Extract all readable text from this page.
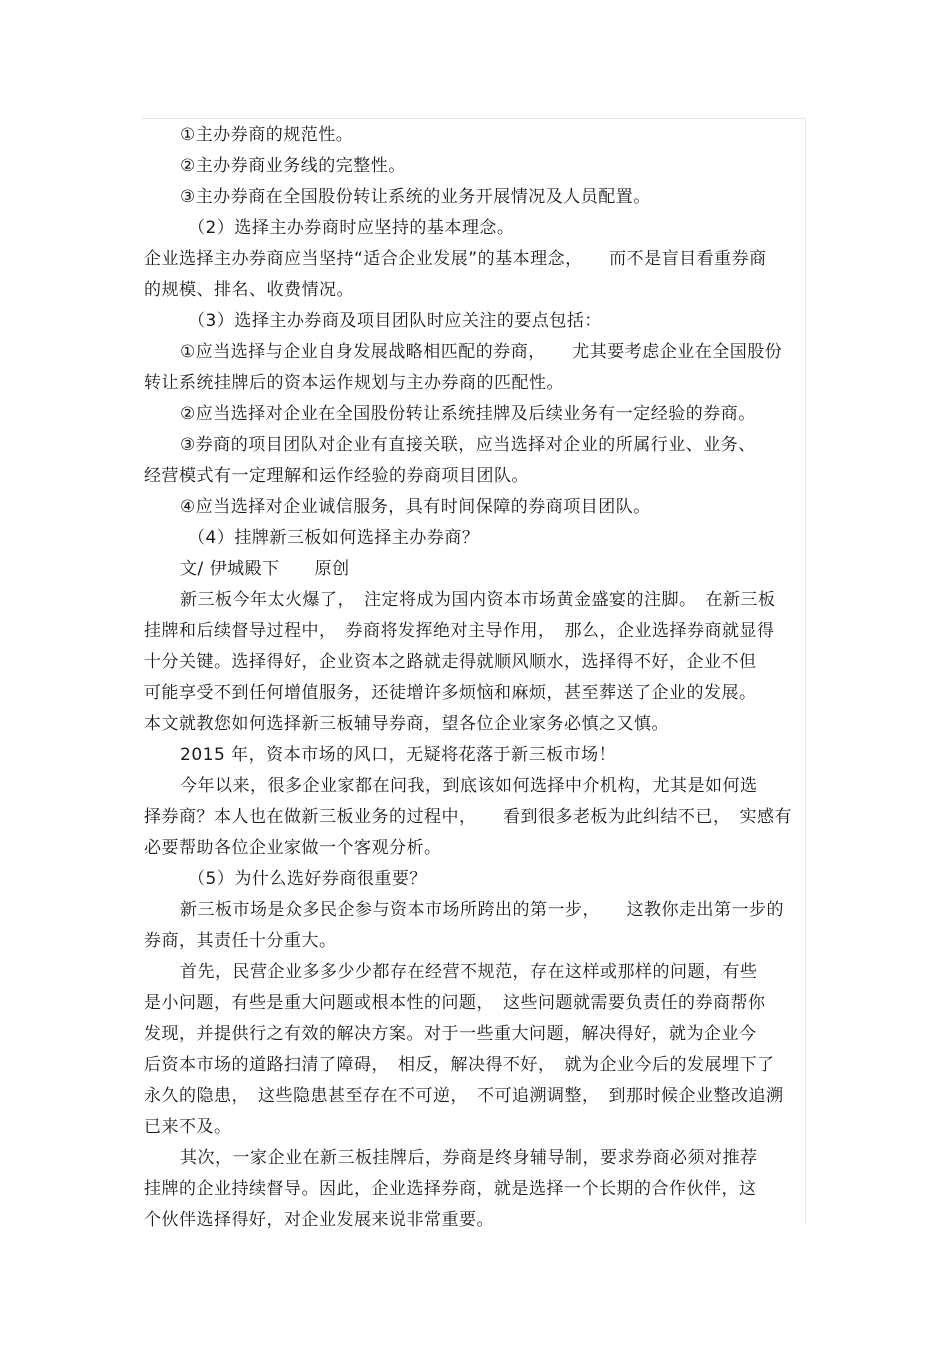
①主办券商的规范性。
②主办券商业务线的完整性。
③主办券商在全国股份转让系统的业务开展情况及人员配置。
（2）选择主办券商时应坚持的基本理念。
企业选择主办券商应当坚持“适合企业发展”的基本理念，　　而不是盲目看重券商
的规模、排名、收费情况。
（3）选择主办券商及项目团队时应关注的要点包括：
①应当选择与企业自身发展战略相匹配的券商，　　尤其要考虑企业在全国股份
转让系统挂牌后的资本运作规划与主办券商的匹配性。
②应当选择对企业在全国股份转让系统挂牌及后续业务有一定经验的券商。
③券商的项目团队对企业有直接关联，应当选择对企业的所属行业、业务、
经营模式有一定理解和运作经验的券商项目团队。
④应当选择对企业诚信服务，具有时间保障的券商项目团队。
（4）挂牌新三板如何选择主办券商？
文/ 伊城殿下　　原创
新三板今年太火爆了，　注定将成为国内资本市场黄金盛宴的注脚。　在新三板
挂牌和后续督导过程中，　券商将发挥绝对主导作用，　那么，企业选择券商就显得
十分关键。选择得好，企业资本之路就走得就顺风顺水，选择得不好，企业不但
可能享受不到任何增值服务，还徒增许多烦恼和麻烦，甚至葬送了企业的发展。
本文就教您如何选择新三板辅导券商，望各位企业家务必慎之又慎。
2015 年，资本市场的风口，无疑将花落于新三板市场！
今年以来，很多企业家都在问我，到底该如何选择中介机构，尤其是如何选
择券商？本人也在做新三板业务的过程中，　　看到很多老板为此纠结不已，　实感有
必要帮助各位企业家做一个客观分析。
（5）为什么选好券商很重要？
新三板市场是众多民企参与资本市场所跨出的第一步，　　这教你走出第一步的
券商，其责任十分重大。
首先，民营企业多多少少都存在经营不规范，存在这样或那样的问题，有些
是小问题，有些是重大问题或根本性的问题，　这些问题就需要负责任的券商帮你
发现，并提供行之有效的解决方案。对于一些重大问题，解决得好，就为企业今
后资本市场的道路扫清了障碍，　相反，解决得不好，　就为企业今后的发展埋下了
永久的隐患，　这些隐患甚至存在不可逆，　不可追溯调整，　到那时候企业整改追溯
已来不及。
其次，一家企业在新三板挂牌后，券商是终身辅导制，要求券商必须对推荐
挂牌的企业持续督导。因此，企业选择券商，就是选择一个长期的合作伙伴，这
个伙伴选择得好，对企业发展来说非常重要。
